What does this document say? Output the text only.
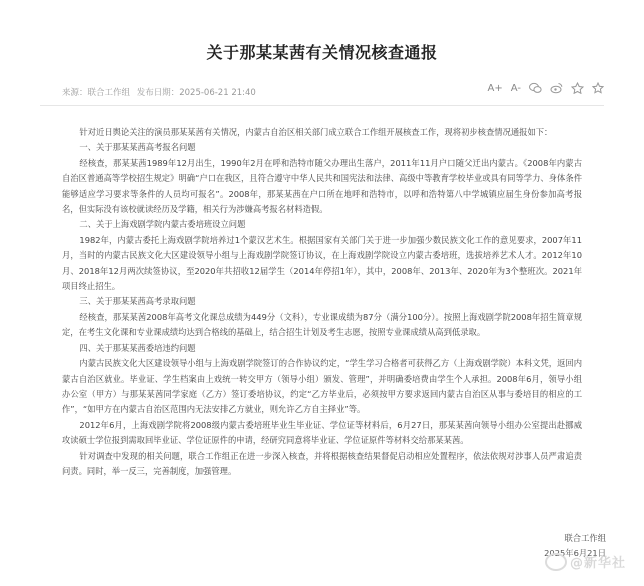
关于那某某茜有关情况核查通报
来源：联合工作组 发布日期：2025-06-21 21:40	A+ A-

针对近日舆论关注的演员那某某茜有关情况，内蒙古自治区相关部门成立联合工作组开展核查工作，现将初步核查情况通报如下：

一、关于那某某茜高考报名问题

经核查，那某某茜1989年12月出生，1990年2月在呼和浩特市随父办理出生落户，2011年11月户口随父迁出内蒙古。《2008年内蒙古自治区普通高等学校招生规定》明确“户口在我区，且符合遵守中华人民共和国宪法和法律、高级中等教育学校毕业或具有同等学力、身体条件能够适应学习要求等条件的人员均可报名”。2008年，那某某茜在户口所在地呼和浩特市，以呼和浩特第八中学城镇应届生身份参加高考报名，但实际没有该校就读经历及学籍，相关行为涉嫌高考报名材料造假。

二、关于上海戏剧学院内蒙古委培班设立问题

1982年，内蒙古委托上海戏剧学院培养过1个蒙汉艺术生。根据国家有关部门关于进一步加强少数民族文化工作的意见要求，2007年11月，当时的内蒙古民族文化大区建设领导小组与上海戏剧学院签订协议，在上海戏剧学院设立内蒙古委培班，选拔培养艺术人才。2012年10月、2018年12月两次续签协议，至2020年共招收12届学生（2014年停招1年），其中，2008年、2013年、2020年为3个整班次。2021年项目终止招生。

三、关于那某某茜高考录取问题

经核查，那某某茜2008年高考文化课总成绩为449分（文科），专业课成绩为87分（满分100分）。按照上海戏剧学院2008年招生简章规定，在考生文化课和专业课成绩均达到合格线的基础上，结合招生计划及考生志愿，按照专业课成绩从高到低录取。

四、关于那某某茜委培违约问题

内蒙古民族文化大区建设领导小组与上海戏剧学院签订的合作协议约定，“学生学习合格者可获得乙方（上海戏剧学院）本科文凭，返回内蒙古自治区就业。毕业证、学生档案由上戏统一转交甲方（领导小组）颁发、管理”，并明确委培费由学生个人承担。2008年6月，领导小组办公室（甲方）与那某某茜同学家庭（乙方）签订委培协议，约定“乙方毕业后，必须按甲方要求返回内蒙古自治区从事与委培目的相应的工作”，“如甲方在内蒙古自治区范围内无法安排乙方就业，则允许乙方自主择业”等。

2012年6月，上海戏剧学院将2008级内蒙古委培班毕业生毕业证、学位证等材料后，6月27日，那某某茜向领导小组办公室提出赴挪威攻读硕士学位报到需取回毕业证、学位证原件的申请，经研究同意将毕业证、学位证原件等材料交给那某某茜。

针对调查中发现的相关问题，联合工作组正在进一步深入核查，并将根据核查结果督促启动相应处置程序，依法依规对涉事人员严肃追责问责。同时，举一反三，完善制度，加强管理。

联合工作组
2025年6月21日
@新华社
